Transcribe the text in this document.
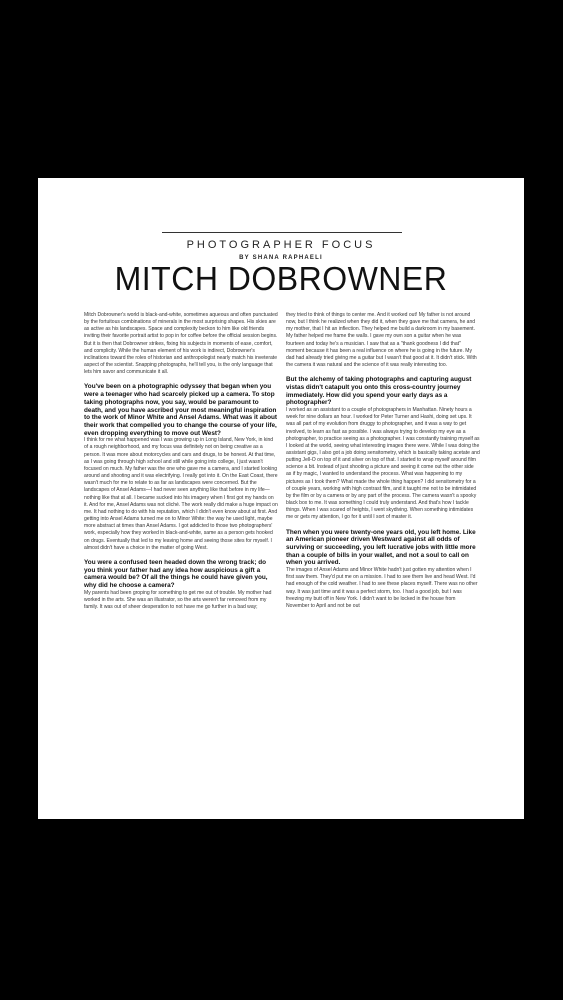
PHOTOGRAPHER FOCUS
BY SHANA RAPHAELI
MITCH DOBROWNER

Mitch Dobrowner's world is black-and-white, sometimes aqueous and often punctuated by the fortuitous combinations of minerals in the most surprising shapes. His skies are as active as his landscapes. Space and complexity beckon to him like old friends inviting their favorite portrait artist to pop in for coffee before the official session begins. But it is then that Dobrowner strikes, fixing his subjects in moments of ease, comfort, and complicity. While the human element of his work is indirect, Dobrowner's inclinations toward the roles of historian and anthropologist nearly match his inveterate aspect of the scientist. Snapping photographs, he'll tell you, is the only language that lets him savor and communicate it all.

You've been on a photographic odyssey that began when you were a teenager who had scarcely picked up a camera. To stop taking photographs now, you say, would be paramount to death, and you have ascribed your most meaningful inspiration to the work of Minor White and Ansel Adams. What was it about their work that compelled you to change the course of your life, even dropping everything to move out West?

I think for me what happened was I was growing up in Long Island, New York, in kind of a rough neighborhood, and my focus was definitely not on being creative as a person. It was more about motorcycles and cars and drugs, to be honest. At that time, as I was going through high school and still while going into college, I just wasn't focused on much. My father was the one who gave me a camera, and I started looking around and shooting and it was electrifying. I really got into it. On the East Coast, there wasn't much for me to relate to as far as landscapes were concerned. But the landscapes of Ansel Adams—I had never seen anything like that before in my life—nothing like that at all. I became sucked into his imagery when I first got my hands on it. And for me, Ansel Adams was not cliché. The work really did make a huge impact on me. It had nothing to do with his reputation, which I didn't even know about at first. And getting into Ansel Adams turned me on to Minor White: the way he used light, maybe more abstract at times than Ansel Adams. I got addicted to those two photographers' work, especially how they worked in black-and-white, same as a person gets hooked on drugs. Eventually that led to my leaving home and seeing those sites for myself. I almost didn't have a choice in the matter of going West.

You were a confused teen headed down the wrong track; do you think your father had any idea how auspicious a gift a camera would be? Of all the things he could have given you, why did he choose a camera?

My parents had been groping for something to get me out of trouble. My mother had worked in the arts. She was an illustrator, so the arts weren't far removed from my family. It was out of sheer desperation to not have me go further in a bad way;

they tried to think of things to center me. And it worked out! My father is not around now, but I think he realized when they did it, when they gave me that camera, he and my mother, that I hit an inflection. They helped me build a darkroom in my basement. My father helped me frame the walls. I gave my own son a guitar when he was fourteen and today he's a musician. I saw that as a "thank goodness I did that" moment because it has been a real influence on where he is going in the future. My dad had already tried giving me a guitar but I wasn't that good at it. It didn't stick. With the camera it was natural and the science of it was really interesting too.

But the alchemy of taking photographs and capturing august vistas didn't catapult you onto this cross-country journey immediately. How did you spend your early days as a photographer?

I worked as an assistant to a couple of photographers in Manhattan. Ninety hours a week for nine dollars an hour. I worked for Peter Turner and Hashi, doing set ups. It was all part of my evolution from druggy to photographer, and it was a way to get involved, to learn as fast as possible. I was always trying to develop my eye as a photographer, to practice seeing as a photographer. I was constantly training myself as I looked at the world, seeing what interesting images there were. While I was doing the assistant gigs, I also got a job doing sensitometry, which is basically taking acetate and putting Jell-O on top of it and silver on top of that. I started to wrap myself around film science a bit. Instead of just shooting a picture and seeing it come out the other side as if by magic, I wanted to understand the process. What was happening to my pictures as I took them? What made the whole thing happen? I did sensitometry for a of couple years, working with high contrast film, and it taught me not to be intimidated by the film or by a camera or by any part of the process. The camera wasn't a spooky black box to me. It was something I could truly understand. And that's how I tackle things. When I was scared of heights, I went skydiving. When something intimidates me or gets my attention, I go for it until I sort of master it.

Then when you were twenty-one years old, you left home. Like an American pioneer driven Westward against all odds of surviving or succeeding, you left lucrative jobs with little more than a couple of bills in your wallet, and not a soul to call on when you arrived.

The images of Ansel Adams and Minor White hadn't just gotten my attention when I first saw them. They'd put me on a mission. I had to see them live and head West. I'd had enough of the cold weather. I had to see these places myself. There was no other way. It was just time and it was a perfect storm, too. I had a good job, but I was freezing my butt off in New York. I didn't want to be locked in the house from November to April and not be out
